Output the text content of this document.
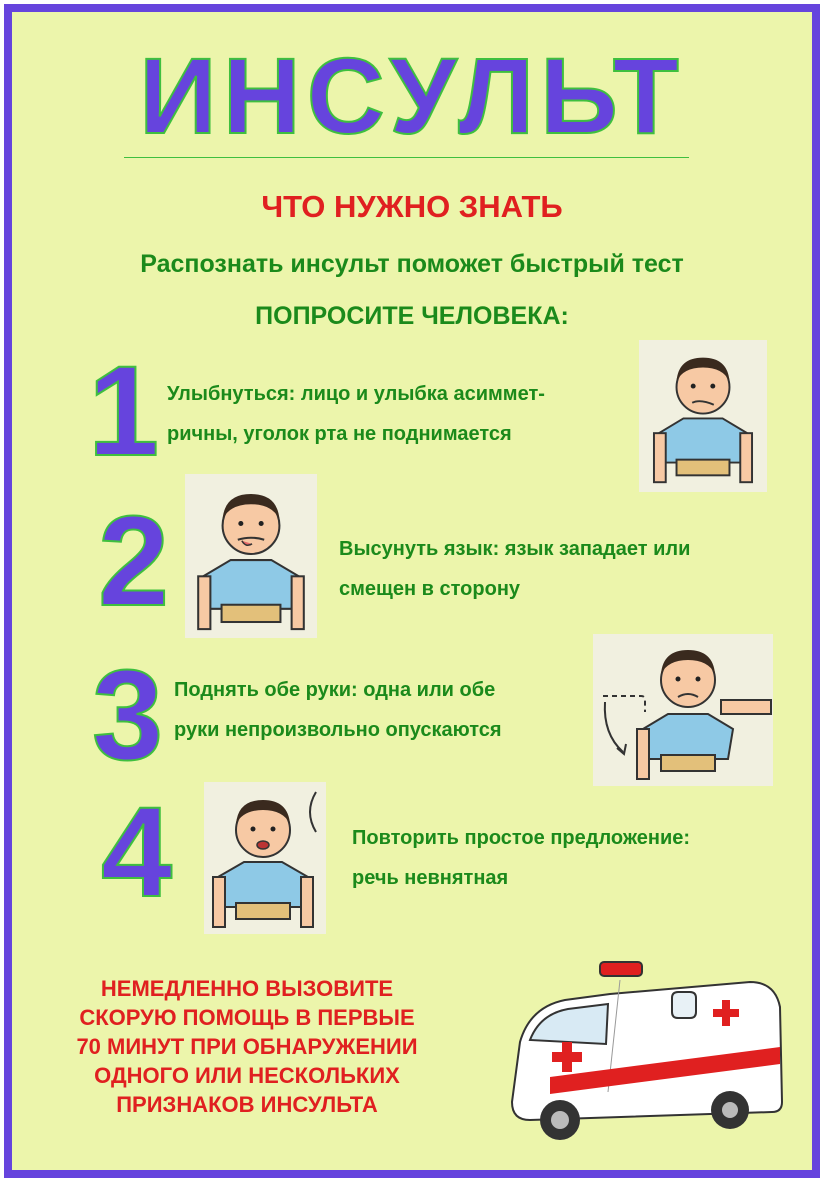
ИНСУЛЬТ
ЧТО НУЖНО ЗНАТЬ
Распознать инсульт поможет быстрый тест
ПОПРОСИТЕ ЧЕЛОВЕКА:
1 Улыбнуться: лицо и улыбка асиммет-
ричны, уголок рта не поднимается
2	Высунуть язык: язык западает или
смещен в сторону
3 Поднять обе руки: одна или обе
руки непроизвольно опускаются
4	Повторить простое предложение:
речь невнятная
НЕМЕДЛЕННО ВЫЗОВИТЕ
СКОРУЮ ПОМОЩЬ В ПЕРВЫЕ
70 МИНУТ ПРИ ОБНАРУЖЕНИИ
ОДНОГО ИЛИ НЕСКОЛЬКИХ
ПРИЗНАКОВ ИНСУЛЬТА
